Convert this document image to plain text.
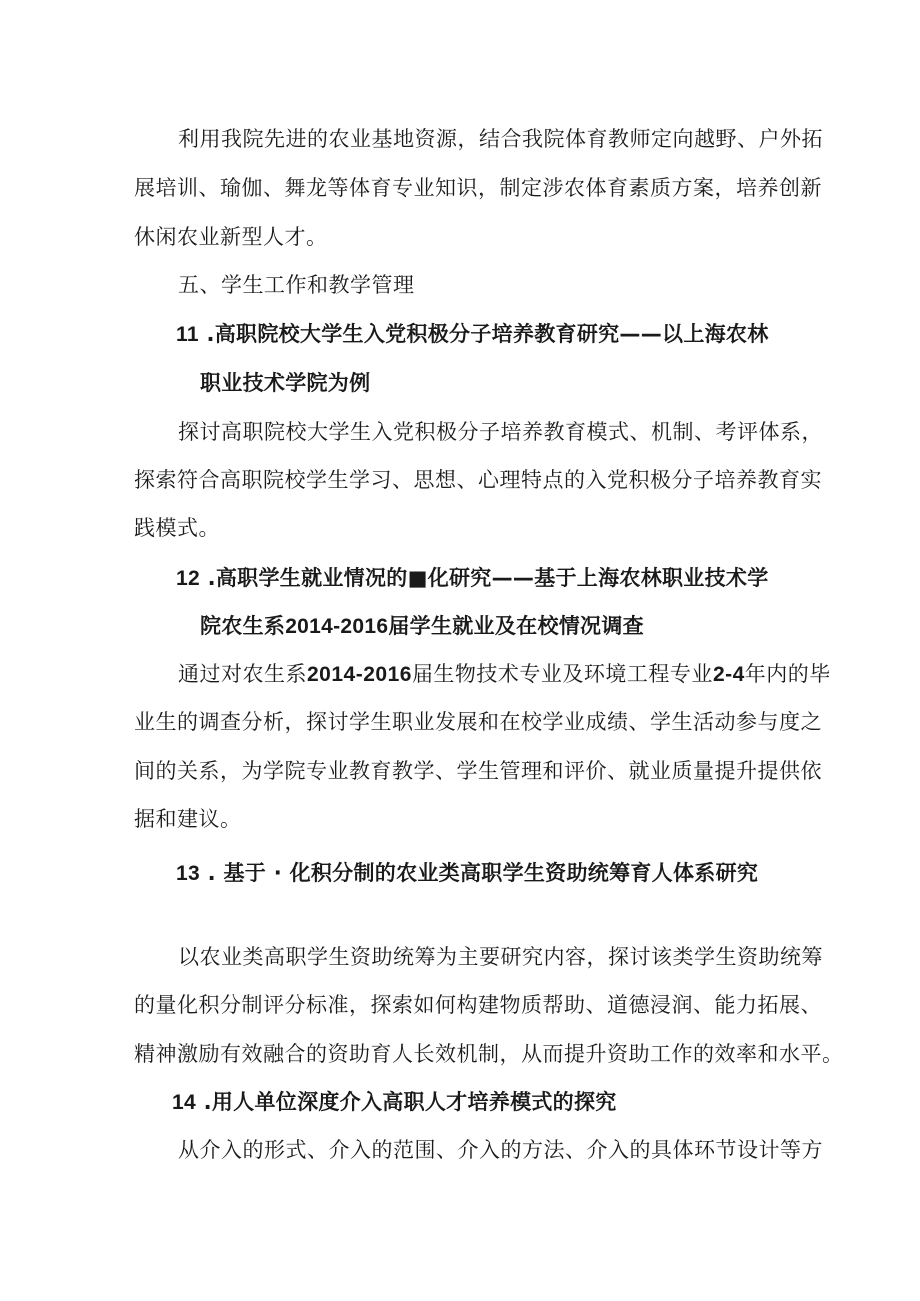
利用我院先进的农业基地资源，结合我院体育教师定向越野、户外拓
展培训、瑜伽、舞龙等体育专业知识，制定涉农体育素质方案，培养创新
休闲农业新型人才。
五、学生工作和教学管理
11 .高职院校大学生入党积极分子培养教育研究——以上海农林
职业技术学院为例
探讨高职院校大学生入党积极分子培养教育模式、机制、考评体系，
探索符合高职院校学生学习、思想、心理特点的入党积极分子培养教育实
践模式。
12 .高职学生就业情况的■化研究——基于上海农林职业技术学
院农生系2014-2016届学生就业及在校情况调查
通过对农生系2014-2016届生物技术专业及环境工程专业2-4年内的毕
业生的调查分析，探讨学生职业发展和在校学业成绩、学生活动参与度之
间的关系，为学院专业教育教学、学生管理和评价、就业质量提升提供依
据和建议。
13 . 基于 · 化积分制的农业类高职学生资助统筹育人体系研究
以农业类高职学生资助统筹为主要研究内容，探讨该类学生资助统筹
的量化积分制评分标准，探索如何构建物质帮助、道德浸润、能力拓展、
精神激励有效融合的资助育人长效机制，从而提升资助工作的效率和水平。
14 .用人单位深度介入高职人才培养模式的探究
从介入的形式、介入的范围、介入的方法、介入的具体环节设计等方
